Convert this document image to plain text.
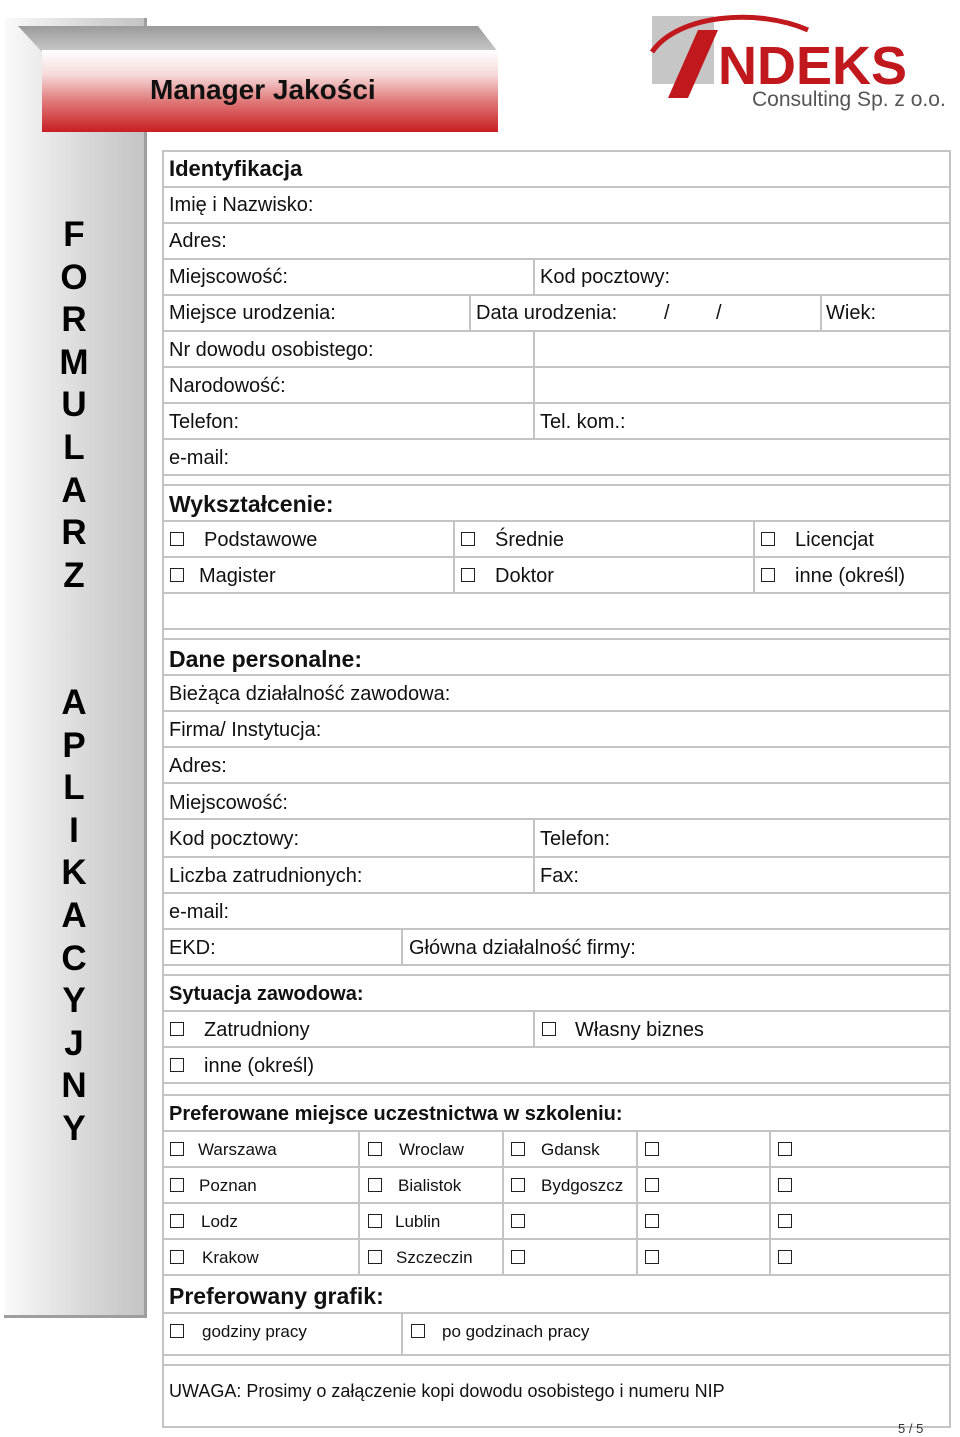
F
O
R
M
U
L
A
R
Z
A
P
L
I
K
A
C
Y
J
N
Y
Manager Jakości	NDEKS
Consulting Sp. z o.o.
Identyfikacja
Imię i Nazwisko:
Adres:
Miejscowość:	Kod pocztowy:
Miejsce urodzenia:	Data urodzenia: / /	Wiek:
Nr dowodu osobistego:
Narodowość:
Telefon:	Tel. kom.:
e-mail:
Wykształcenie:
Podstawowe	Średnie	Licencjat
Magister	Doktor	inne (określ)
Dane personalne:
Bieżąca działalność zawodowa:
Firma/ Instytucja:
Adres:
Miejscowość:
Kod pocztowy:	Telefon:
Liczba zatrudnionych:	Fax:
e-mail:
EKD:	Główna działalność firmy:
Sytuacja zawodowa:
Zatrudniony	Własny biznes
inne (określ)
Preferowane miejsce uczestnictwa w szkoleniu:
Warszawa	Wroclaw	Gdansk
Poznan	Bialistok	Bydgoszcz
Lodz	Lublin
Krakow	Szczeczin
Preferowany grafik:
godziny pracy	po godzinach pracy
UWAGA: Prosimy o załączenie kopi dowodu osobistego i numeru NIP
5 / 5
